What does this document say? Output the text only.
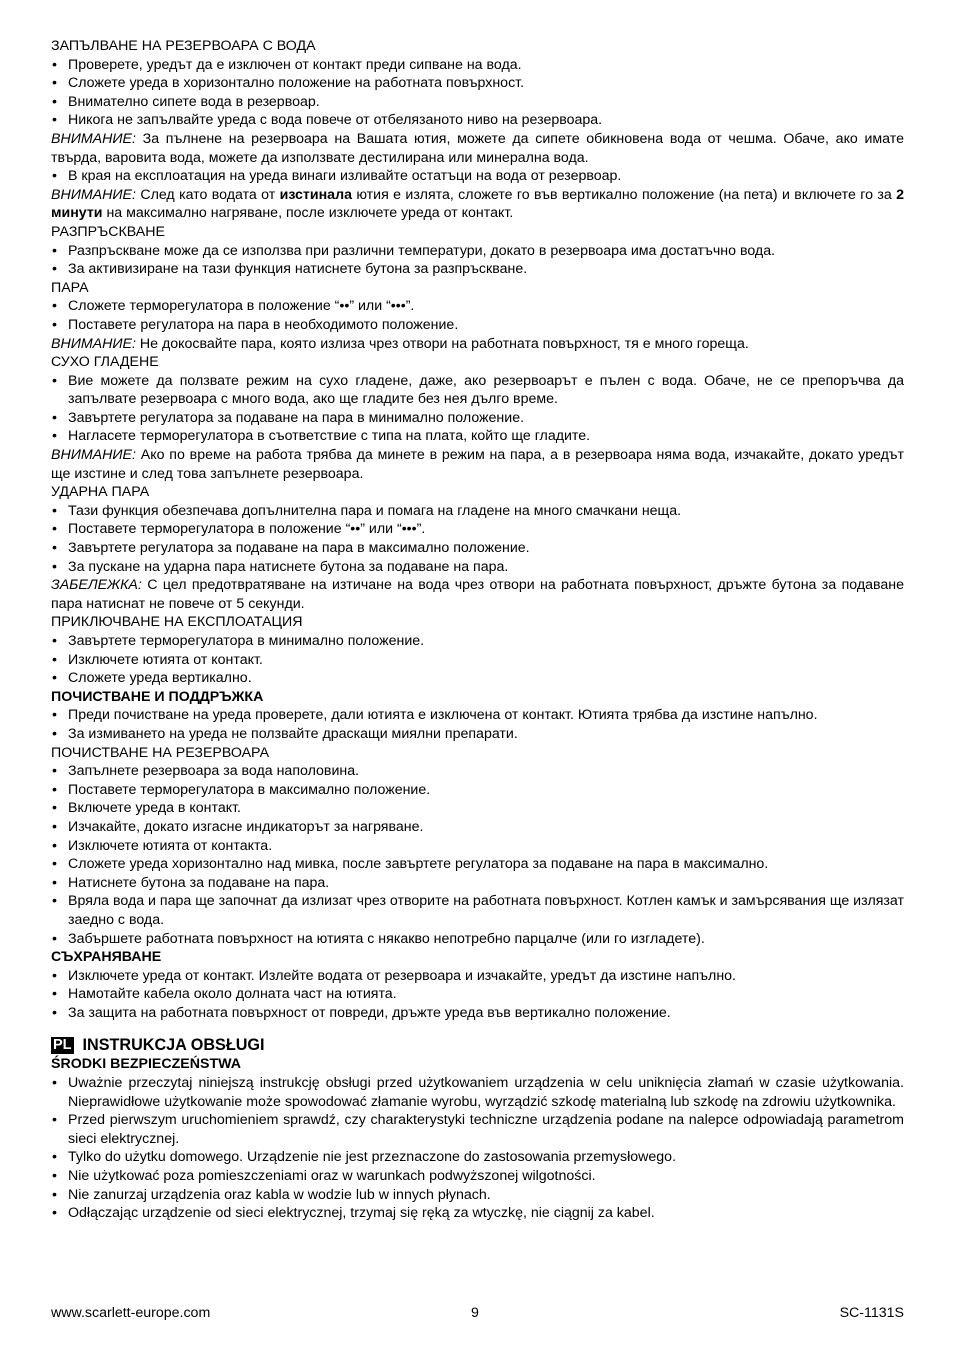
ЗАПЪЛВАНЕ НА РЕЗЕРВОАРА С ВОДА

• Проверете, уредът да е изключен от контакт преди сипване на вода.
• Сложете уреда в хоризонтално положение на работната повърхност.
• Внимателно сипете вода в резервоар.
• Никога не запълвайте уреда с вода повече от отбелязаното ниво на резервоара.

ВНИМАНИЕ: За пълнене на резервоара на Вашата ютия, можете да сипете обикновена вода от чешма. Обаче, ако имате твърда, варовита вода, можете да използвате дестилирана или минерална вода.

• В края на експлоатация на уреда винаги изливайте остатъци на вода от резервоар.

ВНИМАНИЕ: След като водата от изстинала ютия е излята, сложете го във вертикално положение (на пета) и включете го за 2 минути на максимално нагряване, после изключете уреда от контакт.

РАЗПРЪСКВАНЕ

• Разпръскване може да се използва при различни температури, докато в резервоара има достатъчно вода.
• За активизиране на тази функция натиснете бутона за разпръскване.

ПАРА

• Сложете терморегулатора в положение “••” или “•••”.
• Поставете регулатора на пара в необходимото положение.

ВНИМАНИЕ: Не докосвайте пара, която излиза чрез отвори на работната повърхност, тя е много гореща.

СУХО ГЛАДЕНЕ

• Вие можете да ползвате режим на сухо гладене, даже, ако резервоарът е пълен с вода. Обаче, не се препоръчва да запълвате резервоара с много вода, ако ще гладите без нея дълго време.
• Завъртете регулатора за подаване на пара в минимално положение.
• Нагласете терморегулатора в съответствие с типа на плата, който ще гладите.

ВНИМАНИЕ: Ако по време на работа трябва да минете в режим на пара, а в резервоара няма вода, изчакайте, докато уредът ще изстине и след това запълнете резервоара.

УДАРНА ПАРА

• Тази функция обезпечава допълнителна пара и помага на гладене на много смачкани неща.
• Поставете терморегулатора в положение “••” или “•••”.
• Завъртете регулатора за подаване на пара в максимално положение.
• За пускане на ударна пара натиснете бутона за подаване на пара.

ЗАБЕЛЕЖКА: С цел предотвратяване на изтичане на вода чрез отвори на работната повърхност, дръжте бутона за подаване пара натиснат не повече от 5 секунди.

ПРИКЛЮЧВАНЕ НА ЕКСПЛОАТАЦИЯ

• Завъртете терморегулатора в минимално положение.
• Изключете ютията от контакт.
• Сложете уреда вертикално.

ПОЧИСТВАНЕ И ПОДДРЪЖКА

• Преди почистване на уреда проверете, дали ютията е изключена от контакт. Ютията трябва да изстине напълно.
• За измиването на уреда не ползвайте драскащи миялни препарати.

ПОЧИСТВАНЕ НА РЕЗЕРВОАРА

• Запълнете резервоара за вода наполовина.
• Поставете терморегулатора в максимално положение.
• Включете уреда в контакт.
• Изчакайте, докато изгасне индикаторът за нагряване.
• Изключете ютията от контакта.
• Сложете уреда хоризонтално над мивка, после завъртете регулатора за подаване на пара в максимално.
• Натиснете бутона за подаване на пара.
• Вряла вода и пара ще започнат да излизат чрез отворите на работната повърхност. Котлен камък и замърсявания ще излязат заедно с вода.
• Забършете работната повърхност на ютията с някакво непотребно парцалче (или го изгладете).

СЪХРАНЯВАНЕ

• Изключете уреда от контакт. Излейте водата от резервоара и изчакайте, уредът да изстине напълно.
• Намотайте кабела около долната част на ютията.
• За защита на работната повърхност от повреди, дръжте уреда във вертикално положение.
PL INSTRUKCJA OBSŁUGI

ŚRODKI BEZPIECZEŃSTWA

• Uważnie przeczytaj niniejszą instrukcję obsługi przed użytkowaniem urządzenia w celu uniknięcia złamań w czasie użytkowania. Nieprawidłowe użytkowanie może spowodować złamanie wyrobu, wyrządzić szkodę materialną lub szkodę na zdrowiu użytkownika.
• Przed pierwszym uruchomieniem sprawdź, czy charakterystyki techniczne urządzenia podane na nalepce odpowiadają parametrom sieci elektrycznej.
• Tylko do użytku domowego. Urządzenie nie jest przeznaczone do zastosowania przemysłowego.
• Nie użytkować poza pomieszczeniami oraz w warunkach podwyższonej wilgotności.
• Nie zanurzaj urządzenia oraz kabla w wodzie lub w innych płynach.
• Odłączając urządzenie od sieci elektrycznej, trzymaj się ręką za wtyczkę, nie ciągnij za kabel.
www.scarlett-europe.com	9	SC-1131S
